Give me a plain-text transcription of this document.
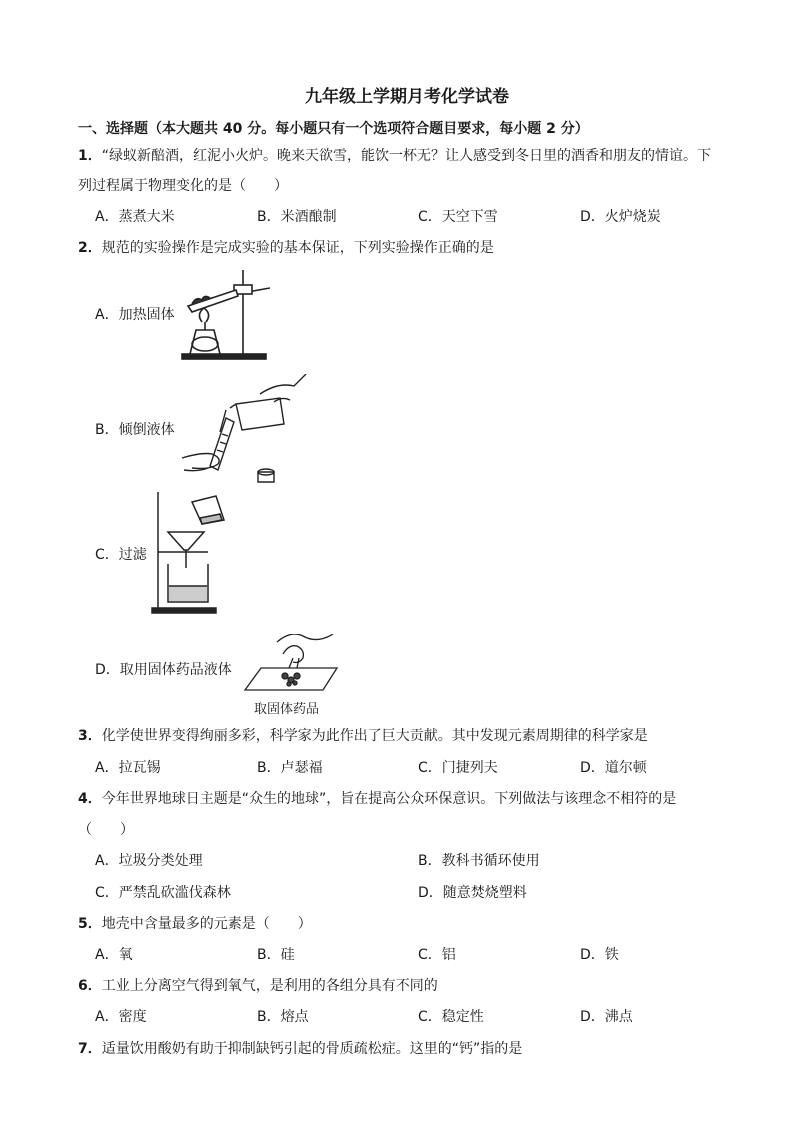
九年级上学期月考化学试卷
一、选择题（本大题共 40 分。每小题只有一个选项符合题目要求，每小题 2 分）
1．“绿蚁新醅酒，红泥小火炉。晚来天欲雪，能饮一杯无？让人感受到冬日里的酒香和朋友的情谊。下
列过程属于物理变化的是（　　）
A．蒸煮大米	B．米酒酿制	C．天空下雪	D．火炉烧炭
2．规范的实验操作是完成实验的基本保证，下列实验操作正确的是
A．加热固体
B．倾倒液体
C．过滤
D．取用固体药品液体
取固体药品
3．化学使世界变得绚丽多彩，科学家为此作出了巨大贡献。其中发现元素周期律的科学家是
A．拉瓦锡	B．卢瑟福	C．门捷列夫	D．道尔顿
4．今年世界地球日主题是“众生的地球”，旨在提高公众环保意识。下列做法与该理念不相符的是
（　　）
A．垃圾分类处理	B．教科书循环使用
C．严禁乱砍滥伐森林	D．随意焚烧塑料
5．地壳中含量最多的元素是（　　）
A．氧	B．硅	C．铝	D．铁
6．工业上分离空气得到氧气，是利用的各组分具有不同的
A．密度	B．熔点	C．稳定性	D．沸点
7．适量饮用酸奶有助于抑制缺钙引起的骨质疏松症。这里的“钙”指的是
